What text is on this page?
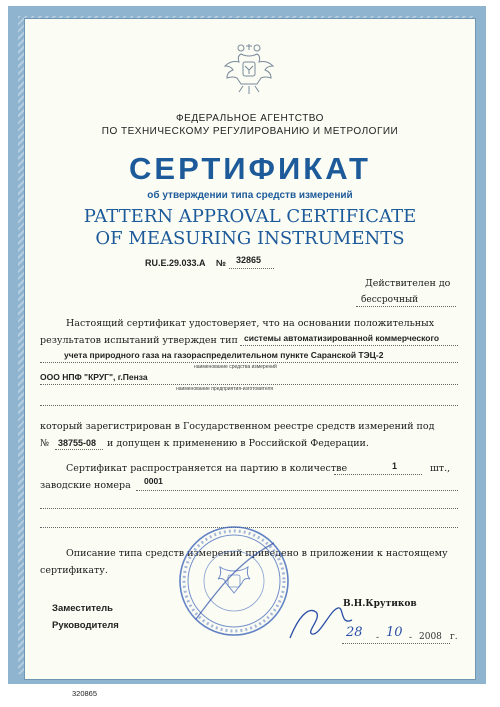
ФЕДЕРАЛЬНОЕ АГЕНТСТВО
ПО ТЕХНИЧЕСКОМУ РЕГУЛИРОВАНИЮ И МЕТРОЛОГИИ
СЕРТИФИКАТ
об утверждении типа средств измерений
PATTERN APPROVAL CERTIFICATE
OF MEASURING INSTRUMENTS
RU.E.29.033.A № 32865
Действителен до
бессрочный
Настоящий сертификат удостоверяет, что на основании положительных
результатов испытаний утвержден тип системы автоматизированной коммерческого
учета природного газа на газораспределительном пункте Саранской ТЭЦ-2
наименование средства измерений
ООО НПФ "КРУГ", г.Пенза
наименование предприятия-изготовителя
который зарегистрирован в Государственном реестре средств измерений под
№ 38755-08 и допущен к применению в Российской Федерации.
Сертификат распространяется на партию в количестве	1	шт.,
заводские номера 0001
Описание типа средств измерений приведено в приложении к настоящему
сертификату.
Заместитель
Руководителя
В.Н.Крутиков
28 - 10 - 2008 г.
320865
